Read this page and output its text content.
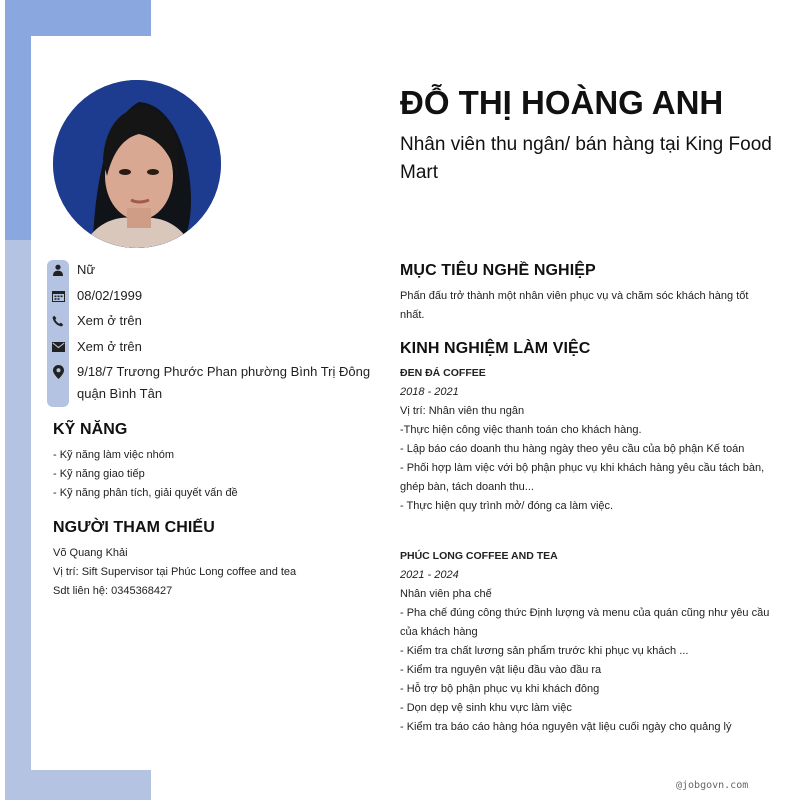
ĐỖ THỊ HOÀNG ANH
Nhân viên thu ngân/ bán hàng tại King Food Mart
Nữ
08/02/1999
Xem ở trên
Xem ở trên
9/18/7 Trương Phước Phan phường Bình Trị Đông quận Bình Tân
KỸ NĂNG
- Kỹ năng làm việc nhóm
- Kỹ năng giao tiếp
- Kỹ năng phân tích, giải quyết vấn đề
NGƯỜI THAM CHIẾU
Võ Quang Khải
Vị trí: Sift Supervisor tại Phúc Long coffee and tea
Sdt liên hệ: 0345368427
MỤC TIÊU NGHỀ NGHIỆP
Phấn đấu trở thành một nhân viên phục vụ và chăm sóc khách hàng tốt nhất.
KINH NGHIỆM LÀM VIỆC
ĐEN ĐÁ COFFEE
2018 - 2021
Vị trí: Nhân viên thu ngân
-Thực hiện công việc thanh toán cho khách hàng.
- Lập báo cáo doanh thu hàng ngày theo yêu cầu của bộ phận Kế toán
- Phối hợp làm việc với bộ phận phục vụ khi khách hàng yêu cầu tách bàn, ghép bàn, tách doanh thu...
- Thực hiện quy trình mở/ đóng ca làm việc.
PHÚC LONG COFFEE AND TEA
2021 - 2024
Nhân viên pha chế
- Pha chế đúng công thức Định lượng và menu của quán cũng như yêu cầu của khách hàng
- Kiểm tra chất lương sản phẩm trước khi phục vụ khách ...
- Kiểm tra nguyên vật liệu đầu vào đầu ra
- Hỗ trợ bộ phận phục vụ khi khách đông
- Dọn dẹp vệ sinh khu vực làm việc
- Kiểm tra báo cáo hàng hóa nguyên vật liệu cuối ngày cho quảng lý
@jobgovn.com
